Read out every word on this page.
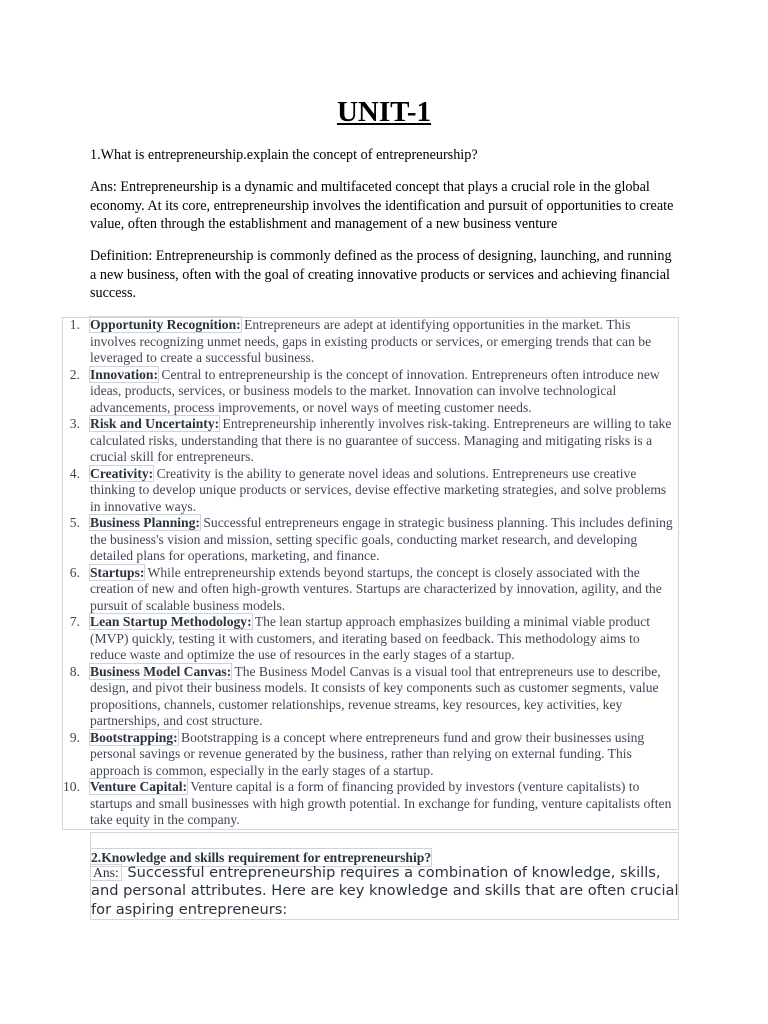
UNIT-1

1.What is entrepreneurship.explain the concept of entrepreneurship?

Ans: Entrepreneurship is a dynamic and multifaceted concept that plays a crucial role in the global economy. At its core, entrepreneurship involves the identification and pursuit of opportunities to create value, often through the establishment and management of a new business venture

Definition: Entrepreneurship is commonly defined as the process of designing, launching, and running a new business, often with the goal of creating innovative products or services and achieving financial success.

1. Opportunity Recognition: Entrepreneurs are adept at identifying opportunities in the market. This involves recognizing unmet needs, gaps in existing products or services, or emerging trends that can be leveraged to create a successful business.
2. Innovation: Central to entrepreneurship is the concept of innovation. Entrepreneurs often introduce new ideas, products, services, or business models to the market. Innovation can involve technological advancements, process improvements, or novel ways of meeting customer needs.
3. Risk and Uncertainty: Entrepreneurship inherently involves risk-taking. Entrepreneurs are willing to take calculated risks, understanding that there is no guarantee of success. Managing and mitigating risks is a crucial skill for entrepreneurs.
4. Creativity: Creativity is the ability to generate novel ideas and solutions. Entrepreneurs use creative thinking to develop unique products or services, devise effective marketing strategies, and solve problems in innovative ways.
5. Business Planning: Successful entrepreneurs engage in strategic business planning. This includes defining the business's vision and mission, setting specific goals, conducting market research, and developing detailed plans for operations, marketing, and finance.
6. Startups: While entrepreneurship extends beyond startups, the concept is closely associated with the creation of new and often high-growth ventures. Startups are characterized by innovation, agility, and the pursuit of scalable business models.
7. Lean Startup Methodology: The lean startup approach emphasizes building a minimal viable product (MVP) quickly, testing it with customers, and iterating based on feedback. This methodology aims to reduce waste and optimize the use of resources in the early stages of a startup.
8. Business Model Canvas: The Business Model Canvas is a visual tool that entrepreneurs use to describe, design, and pivot their business models. It consists of key components such as customer segments, value propositions, channels, customer relationships, revenue streams, key resources, key activities, key partnerships, and cost structure.
9. Bootstrapping: Bootstrapping is a concept where entrepreneurs fund and grow their businesses using personal savings or revenue generated by the business, rather than relying on external funding. This approach is common, especially in the early stages of a startup.
10. Venture Capital: Venture capital is a form of financing provided by investors (venture capitalists) to startups and small businesses with high growth potential. In exchange for funding, venture capitalists often take equity in the company.
2.Knowledge and skills requirement for entrepreneurship?

Ans: Successful entrepreneurship requires a combination of knowledge, skills, and personal attributes. Here are key knowledge and skills that are often crucial for aspiring entrepreneurs:
